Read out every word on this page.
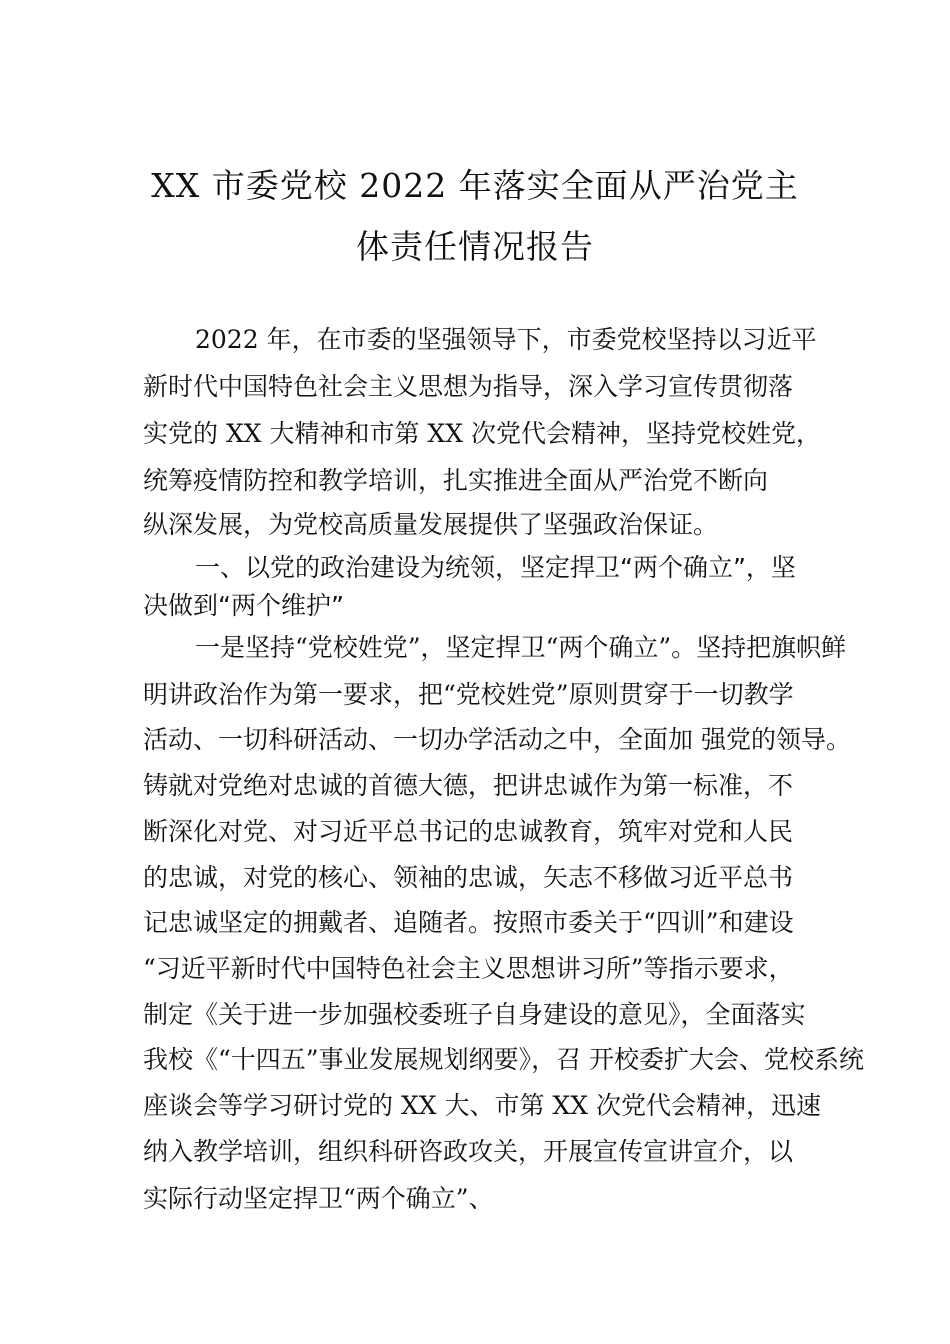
XX 市委党校 2022 年落实全面从严治党主
体责任情况报告

2022 年，在市委的坚强领导下，市委党校坚持以习近平

新时代中国特色社会主义思想为指导，深入学习宣传贯彻落

实党的 XX 大精神和市第 XX 次党代会精神，坚持党校姓党，

统筹疫情防控和教学培训，扎实推进全面从严治党不断向

纵深发展，为党校高质量发展提供了坚强政治保证。

一、以党的政治建设为统领，坚定捍卫“两个确立”，坚

决做到“两个维护”

一是坚持“党校姓党”，坚定捍卫“两个确立”。坚持把旗帜鲜

明讲政治作为第一要求，把“党校姓党”原则贯穿于一切教学

活动、一切科研活动、一切办学活动之中，全面加 强党的领导。

铸就对党绝对忠诚的首德大德，把讲忠诚作为第一标准，不

断深化对党、对习近平总书记的忠诚教育，筑牢对党和人民

的忠诚，对党的核心、领袖的忠诚，矢志不移做习近平总书

记忠诚坚定的拥戴者、追随者。按照市委关于“四训”和建设

“习近平新时代中国特色社会主义思想讲习所”等指示要求，

制定《关于进一步加强校委班子自身建设的意见》，全面落实

我校《“十四五”事业发展规划纲要》，召 开校委扩大会、党校系统

座谈会等学习研讨党的 XX 大、市第 XX 次党代会精神，迅速

纳入教学培训，组织科研咨政攻关，开展宣传宣讲宣介，以

实际行动坚定捍卫“两个确立”、
